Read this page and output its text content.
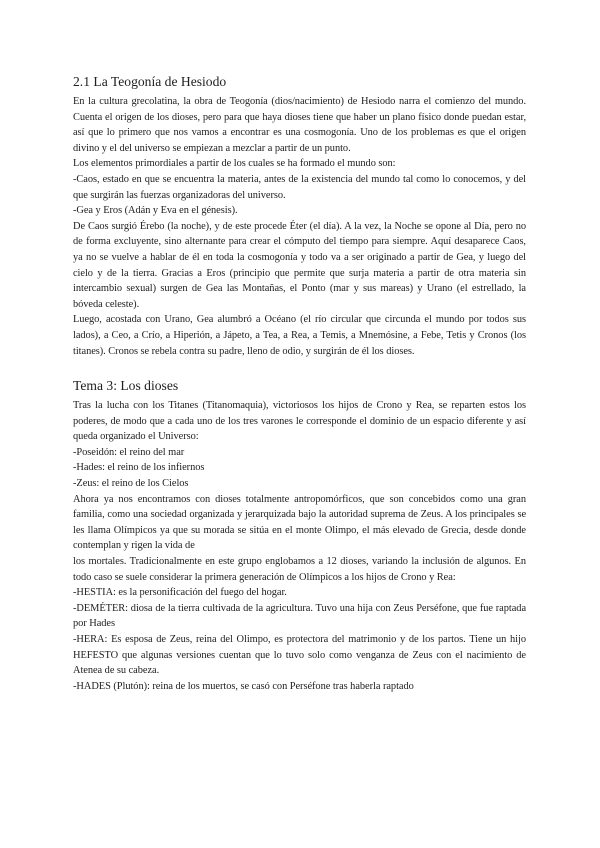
2.1 La Teogonía de Hesiodo

En la cultura grecolatina, la obra de Teogonía (dios/nacimiento) de Hesiodo narra el comienzo del mundo. Cuenta el origen de los dioses, pero para que haya dioses tiene que haber un plano físico donde puedan estar, así que lo primero que nos vamos a encontrar es una cosmogonía. Uno de los problemas es que el origen divino y el del universo se empiezan a mezclar a partir de un punto.

Los elementos primordiales a partir de los cuales se ha formado el mundo son:

-Caos, estado en que se encuentra la materia, antes de la existencia del mundo tal como lo conocemos, y del que surgirán las fuerzas organizadoras del universo.

-Gea y Eros (Adán y Eva en el génesis).

De Caos surgió Érebo (la noche), y de este procede Éter (el día). A la vez, la Noche se opone al Día, pero no de forma excluyente, sino alternante para crear el cómputo del tiempo para siempre. Aquí desaparece Caos, ya no se vuelve a hablar de él en toda la cosmogonía y todo va a ser originado a partir de Gea, y luego del cielo y de la tierra. Gracias a Eros (principio que permite que surja materia a partir de otra materia sin intercambio sexual) surgen de Gea las Montañas, el Ponto (mar y sus mareas) y Urano (el estrellado, la bóveda celeste).

Luego, acostada con Urano, Gea alumbró a Océano (el río circular que circunda el mundo por todos sus lados), a Ceo, a Crío, a Hiperión, a Jápeto, a Tea, a Rea, a Temis, a Mnemósine, a Febe, Tetis y Cronos (los titanes). Cronos se rebela contra su padre, lleno de odio, y surgirán de él los dioses.

Tema 3: Los dioses

Tras la lucha con los Titanes (Titanomaquia), victoriosos los hijos de Crono y Rea, se reparten estos los poderes, de modo que a cada uno de los tres varones le corresponde el dominio de un espacio diferente y así queda organizado el Universo:

-Poseidón: el reino del mar

-Hades: el reino de los infiernos

-Zeus: el reino de los Cielos

Ahora ya nos encontramos con dioses totalmente antropomórficos, que son concebidos como una gran familia, como una sociedad organizada y jerarquizada bajo la autoridad suprema de Zeus. A los principales se les llama Olímpicos ya que su morada se sitúa en el monte Olimpo, el más elevado de Grecia, desde donde contemplan y rigen la vida de

los mortales. Tradicionalmente en este grupo englobamos a 12 dioses, variando la inclusión de algunos. En todo caso se suele considerar la primera generación de Olímpicos a los hijos de Crono y Rea:

-HESTIA: es la personificación del fuego del hogar.

-DEMÉTER: diosa de la tierra cultivada de la agricultura. Tuvo una hija con Zeus Perséfone, que fue raptada por Hades

-HERA: Es esposa de Zeus, reina del Olimpo, es protectora del matrimonio y de los partos. Tiene un hijo HEFESTO que algunas versiones cuentan que lo tuvo solo como venganza de Zeus con el nacimiento de Atenea de su cabeza.

-HADES (Plutón): reina de los muertos, se casó con Perséfone tras haberla raptado
